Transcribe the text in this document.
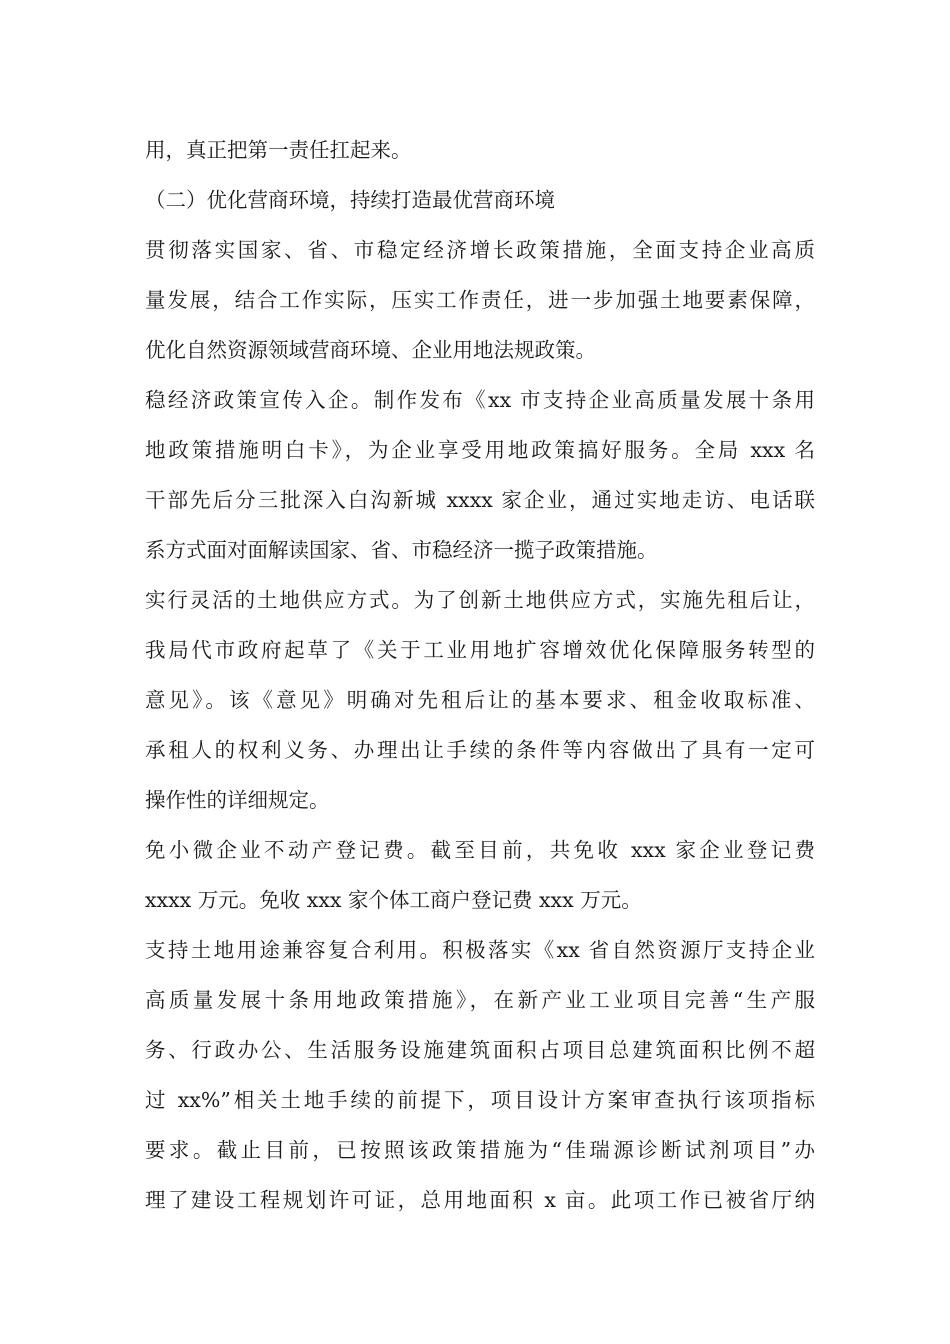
用，真正把第一责任扛起来。
（二）优化营商环境，持续打造最优营商环境
贯彻落实国家、省、市稳定经济增长政策措施，全面支持企业高质
量发展，结合工作实际，压实工作责任，进一步加强土地要素保障，
优化自然资源领域营商环境、企业用地法规政策。
稳经济政策宣传入企。制作发布《xx 市支持企业高质量发展十条用
地政策措施明白卡》，为企业享受用地政策搞好服务。全局 xxx 名
干部先后分三批深入白沟新城 xxxx 家企业，通过实地走访、电话联
系方式面对面解读国家、省、市稳经济一揽子政策措施。
实行灵活的土地供应方式。为了创新土地供应方式，实施先租后让，
我局代市政府起草了《关于工业用地扩容增效优化保障服务转型的
意见》。该《意见》明确对先租后让的基本要求、租金收取标准、
承租人的权利义务、办理出让手续的条件等内容做出了具有一定可
操作性的详细规定。
免小微企业不动产登记费。截至目前，共免收 xxx 家企业登记费
xxxx 万元。免收 xxx 家个体工商户登记费 xxx 万元。
支持土地用途兼容复合利用。积极落实《xx 省自然资源厅支持企业
高质量发展十条用地政策措施》，在新产业工业项目完善“生产服
务、行政办公、生活服务设施建筑面积占项目总建筑面积比例不超
过 xx%”相关土地手续的前提下，项目设计方案审查执行该项指标
要求。截止目前，已按照该政策措施为“佳瑞源诊断试剂项目”办
理了建设工程规划许可证，总用地面积 x 亩。此项工作已被省厅纳
